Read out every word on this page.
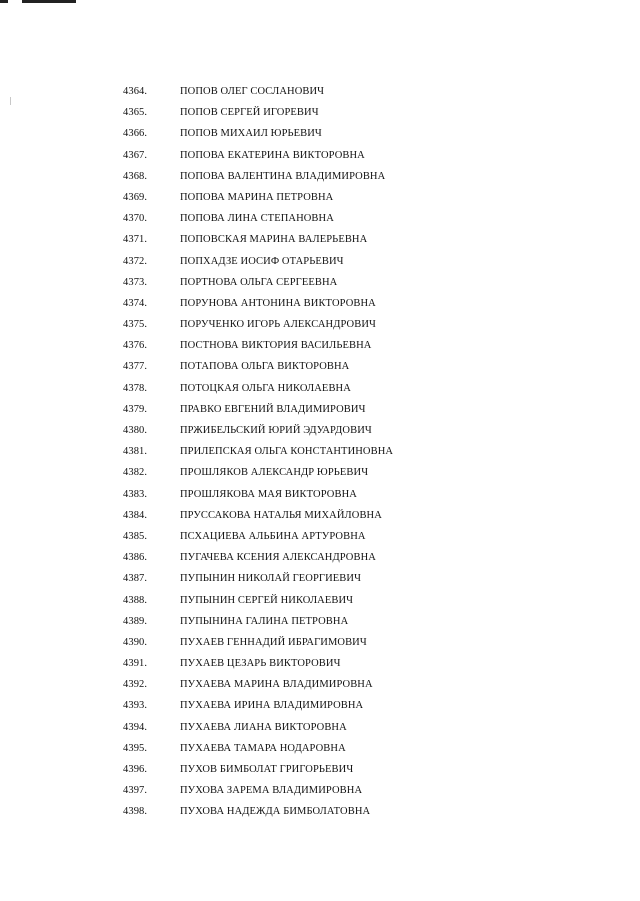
4364.	ПОПОВ ОЛЕГ СОСЛАНОВИЧ
4365.	ПОПОВ СЕРГЕЙ ИГОРЕВИЧ
4366.	ПОПОВ МИХАИЛ ЮРЬЕВИЧ
4367.	ПОПОВА ЕКАТЕРИНА ВИКТОРОВНА
4368.	ПОПОВА ВАЛЕНТИНА ВЛАДИМИРОВНА
4369.	ПОПОВА МАРИНА ПЕТРОВНА
4370.	ПОПОВА ЛИНА СТЕПАНОВНА
4371.	ПОПОВСКАЯ МАРИНА ВАЛЕРЬЕВНА
4372.	ПОПХАДЗЕ ИОСИФ ОТАРЬЕВИЧ
4373.	ПОРТНОВА ОЛЬГА СЕРГЕЕВНА
4374.	ПОРУНОВА АНТОНИНА ВИКТОРОВНА
4375.	ПОРУЧЕНКО ИГОРЬ АЛЕКСАНДРОВИЧ
4376.	ПОСТНОВА ВИКТОРИЯ ВАСИЛЬЕВНА
4377.	ПОТАПОВА ОЛЬГА ВИКТОРОВНА
4378.	ПОТОЦКАЯ ОЛЬГА НИКОЛАЕВНА
4379.	ПРАВКО ЕВГЕНИЙ ВЛАДИМИРОВИЧ
4380.	ПРЖИБЕЛЬСКИЙ ЮРИЙ ЭДУАРДОВИЧ
4381.	ПРИЛЕПСКАЯ ОЛЬГА КОНСТАНТИНОВНА
4382.	ПРОШЛЯКОВ АЛЕКСАНДР ЮРЬЕВИЧ
4383.	ПРОШЛЯКОВА МАЯ ВИКТОРОВНА
4384.	ПРУССАКОВА НАТАЛЬЯ МИХАЙЛОВНА
4385.	ПСХАЦИЕВА АЛЬБИНА АРТУРОВНА
4386.	ПУГАЧЕВА КСЕНИЯ АЛЕКСАНДРОВНА
4387.	ПУПЫНИН НИКОЛАЙ ГЕОРГИЕВИЧ
4388.	ПУПЫНИН СЕРГЕЙ НИКОЛАЕВИЧ
4389.	ПУПЫНИНА ГАЛИНА ПЕТРОВНА
4390.	ПУХАЕВ ГЕННАДИЙ ИБРАГИМОВИЧ
4391.	ПУХАЕВ ЦЕЗАРЬ ВИКТОРОВИЧ
4392.	ПУХАЕВА МАРИНА ВЛАДИМИРОВНА
4393.	ПУХАЕВА ИРИНА ВЛАДИМИРОВНА
4394.	ПУХАЕВА ЛИАНА ВИКТОРОВНА
4395.	ПУХАЕВА ТАМАРА НОДАРОВНА
4396.	ПУХОВ БИМБОЛАТ ГРИГОРЬЕВИЧ
4397.	ПУХОВА ЗАРЕМА ВЛАДИМИРОВНА
4398.	ПУХОВА НАДЕЖДА БИМБОЛАТОВНА
